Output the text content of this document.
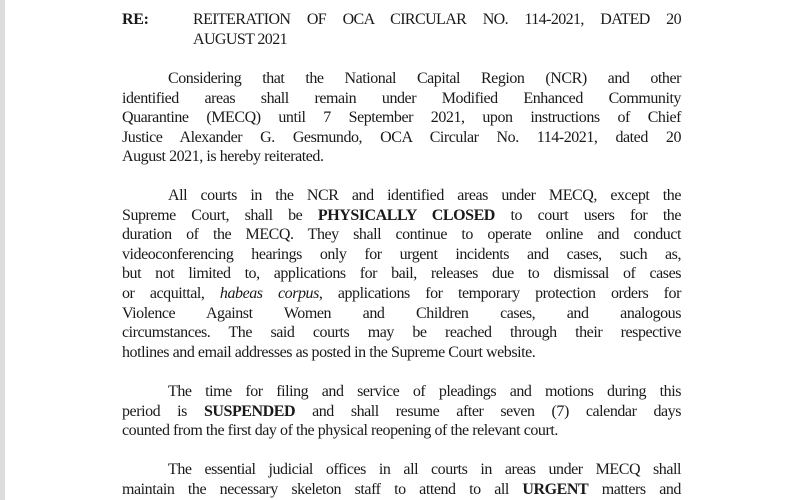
RE:	REITERATION OF OCA CIRCULAR NO. 114-2021, DATED 20
AUGUST 2021
Considering that the National Capital Region (NCR) and other
identified areas shall remain under Modified Enhanced Community
Quarantine (MECQ) until 7 September 2021, upon instructions of Chief
Justice Alexander G. Gesmundo, OCA Circular No. 114-2021, dated 20
August 2021, is hereby reiterated.
All courts in the NCR and identified areas under MECQ, except the
Supreme Court, shall be PHYSICALLY CLOSED to court users for the
duration of the MECQ. They shall continue to operate online and conduct
videoconferencing hearings only for urgent incidents and cases, such as,
but not limited to, applications for bail, releases due to dismissal of cases
or acquittal, habeas corpus, applications for temporary protection orders for
Violence Against Women and Children cases, and analogous
circumstances. The said courts may be reached through their respective
hotlines and email addresses as posted in the Supreme Court website.
The time for filing and service of pleadings and motions during this
period is SUSPENDED and shall resume after seven (7) calendar days
counted from the first day of the physical reopening of the relevant court.
The essential judicial offices in all courts in areas under MECQ shall
maintain the necessary skeleton staff to attend to all URGENT matters and
